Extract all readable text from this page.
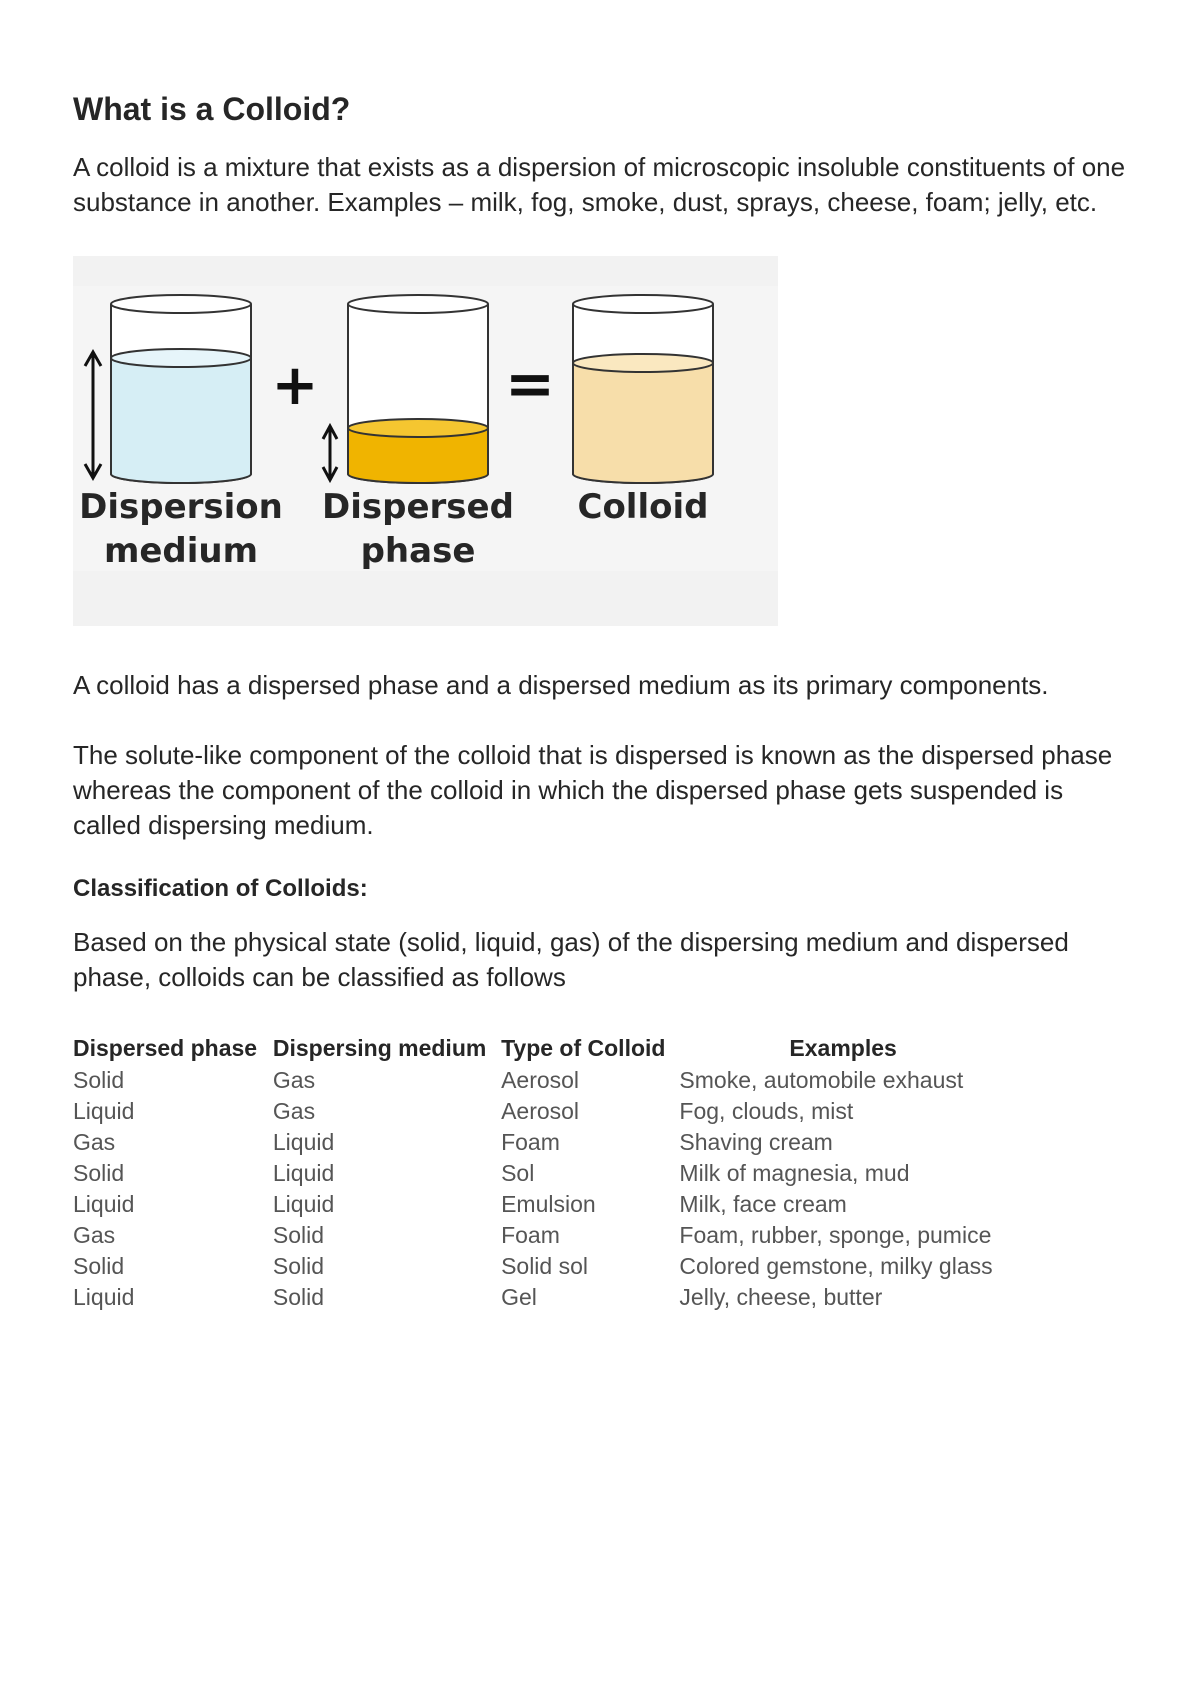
What is a Colloid?

A colloid is a mixture that exists as a dispersion of microscopic insoluble constituents of one substance in another. Examples – milk, fog, smoke, dust, sprays, cheese, foam; jelly, etc.

+	=
Dispersion
medium
Dispersed
phase
Colloid

A colloid has a dispersed phase and a dispersed medium as its primary components.

The solute-like component of the colloid that is dispersed is known as the dispersed phase whereas the component of the colloid in which the dispersed phase gets suspended is called dispersing medium.

Classification of Colloids:

Based on the physical state (solid, liquid, gas) of the dispersing medium and dispersed phase, colloids can be classified as follows

Dispersed phase	Dispersing medium	Type of Colloid	Examples
Solid	Gas	Aerosol	Smoke, automobile exhaust
Liquid	Gas	Aerosol	Fog, clouds, mist
Gas	Liquid	Foam	Shaving cream
Solid	Liquid	Sol	Milk of magnesia, mud
Liquid	Liquid	Emulsion	Milk, face cream
Gas	Solid	Foam	Foam, rubber, sponge, pumice
Solid	Solid	Solid sol	Colored gemstone, milky glass
Liquid	Solid	Gel	Jelly, cheese, butter
